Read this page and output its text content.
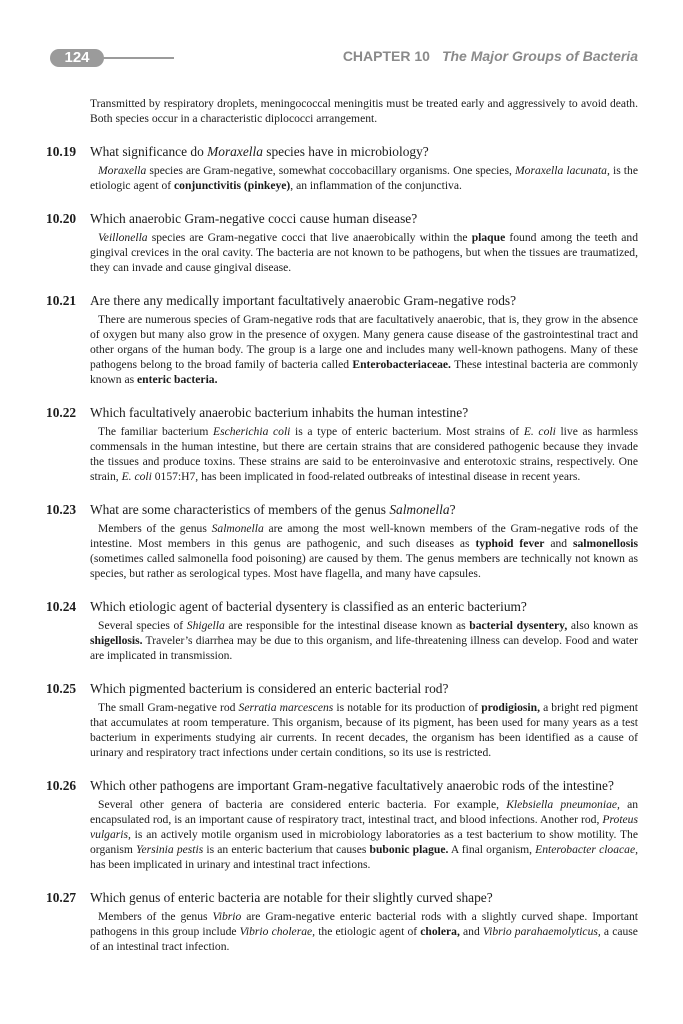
124	CHAPTER 10 The Major Groups of Bacteria

Transmitted by respiratory droplets, meningococcal meningitis must be treated early and aggressively to avoid death. Both species occur in a characteristic diplococci arrangement.

10.19	What significance do Moraxella species have in microbiology?

Moraxella species are Gram-negative, somewhat coccobacillary organisms. One species, Moraxella lacunata, is the etiologic agent of conjunctivitis (pinkeye), an inflammation of the conjunctiva.

10.20	Which anaerobic Gram-negative cocci cause human disease?

Veillonella species are Gram-negative cocci that live anaerobically within the plaque found among the teeth and gingival crevices in the oral cavity. The bacteria are not known to be pathogens, but when the tissues are traumatized, they can invade and cause gingival disease.

10.21	Are there any medically important facultatively anaerobic Gram-negative rods?

There are numerous species of Gram-negative rods that are facultatively anaerobic, that is, they grow in the absence of oxygen but many also grow in the presence of oxygen. Many genera cause disease of the gastrointestinal tract and other organs of the human body. The group is a large one and includes many well-known pathogens. Many of these pathogens belong to the broad family of bacteria called Enterobacteriaceae. These intestinal bacteria are commonly known as enteric bacteria.

10.22	Which facultatively anaerobic bacterium inhabits the human intestine?

The familiar bacterium Escherichia coli is a type of enteric bacterium. Most strains of E. coli live as harmless commensals in the human intestine, but there are certain strains that are considered pathogenic because they invade the tissues and produce toxins. These strains are said to be enteroinvasive and enterotoxic strains, respectively. One strain, E. coli 0157:H7, has been implicated in food-related outbreaks of intestinal disease in recent years.

10.23	What are some characteristics of members of the genus Salmonella?

Members of the genus Salmonella are among the most well-known members of the Gram-negative rods of the intestine. Most members in this genus are pathogenic, and such diseases as typhoid fever and salmonellosis (sometimes called salmonella food poisoning) are caused by them. The genus members are technically not known as species, but rather as serological types. Most have flagella, and many have capsules.

10.24	Which etiologic agent of bacterial dysentery is classified as an enteric bacterium?

Several species of Shigella are responsible for the intestinal disease known as bacterial dysentery, also known as shigellosis. Traveler’s diarrhea may be due to this organism, and life-threatening illness can develop. Food and water are implicated in transmission.

10.25	Which pigmented bacterium is considered an enteric bacterial rod?

The small Gram-negative rod Serratia marcescens is notable for its production of prodigiosin, a bright red pigment that accumulates at room temperature. This organism, because of its pigment, has been used for many years as a test bacterium in experiments studying air currents. In recent decades, the organism has been identified as a cause of urinary and respiratory tract infections under certain conditions, so its use is restricted.

10.26	Which other pathogens are important Gram-negative facultatively anaerobic rods of the intestine?

Several other genera of bacteria are considered enteric bacteria. For example, Klebsiella pneumoniae, an encapsulated rod, is an important cause of respiratory tract, intestinal tract, and blood infections. Another rod, Proteus vulgaris, is an actively motile organism used in microbiology laboratories as a test bacterium to show motility. The organism Yersinia pestis is an enteric bacterium that causes bubonic plague. A final organism, Enterobacter cloacae, has been implicated in urinary and intestinal tract infections.

10.27	Which genus of enteric bacteria are notable for their slightly curved shape?

Members of the genus Vibrio are Gram-negative enteric bacterial rods with a slightly curved shape. Important pathogens in this group include Vibrio cholerae, the etiologic agent of cholera, and Vibrio parahaemolyticus, a cause of an intestinal tract infection.
